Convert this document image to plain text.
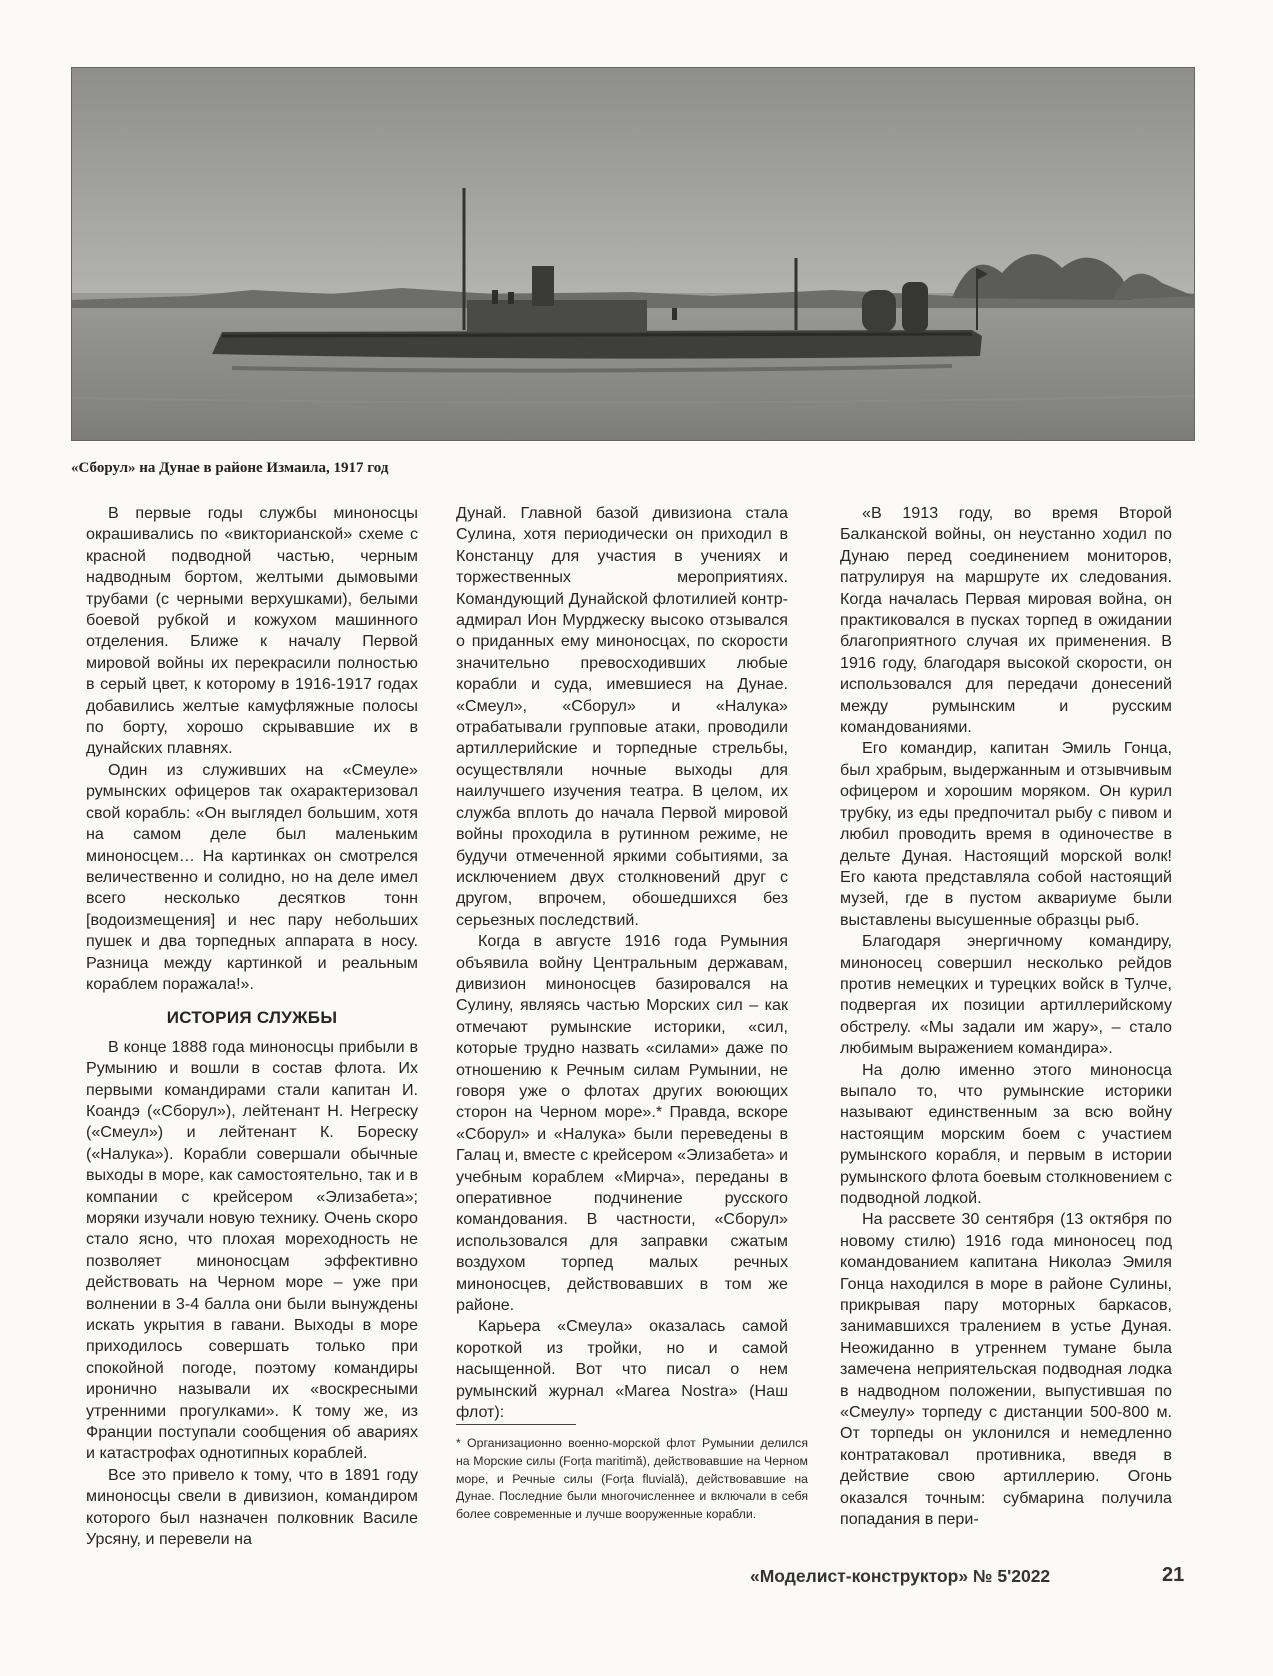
«Сборул» на Дунае в районе Измаила, 1917 год

В первые годы службы миноносцы окрашивались по «викторианской» схеме с красной подводной частью, черным надводным бортом, желтыми дымовыми трубами (с черными верхушками), белыми боевой рубкой и кожухом машинного отделения. Ближе к началу Первой мировой войны их перекрасили полностью в серый цвет, к которому в 1916-1917 годах добавились желтые камуфляжные полосы по борту, хорошо скрывавшие их в дунайских плавнях.

Один из служивших на «Смеуле» румынских офицеров так охарактеризовал свой корабль: «Он выглядел большим, хотя на самом деле был маленьким миноносцем… На картинках он смотрелся величественно и солидно, но на деле имел всего несколько десятков тонн [водоизмещения] и нес пару небольших пушек и два торпедных аппарата в носу. Разница между картинкой и реальным кораблем поражала!».

ИСТОРИЯ СЛУЖБЫ

В конце 1888 года миноносцы прибыли в Румынию и вошли в состав флота. Их первыми командирами стали капитан И. Коандэ («Сборул»), лейтенант Н. Негреску («Смеул») и лейтенант К. Бореску («Налука»). Корабли совершали обычные выходы в море, как самостоятельно, так и в компании с крейсером «Элизабета»; моряки изучали новую технику. Очень скоро стало ясно, что плохая мореходность не позволяет миноносцам эффективно действовать на Черном море – уже при волнении в 3-4 балла они были вынуждены искать укрытия в гавани. Выходы в море приходилось совершать только при спокойной погоде, поэтому командиры иронично называли их «воскресными утренними прогулками». К тому же, из Франции поступали сообщения об авариях и катастрофах однотипных кораблей.

Все это привело к тому, что в 1891 году миноносцы свели в дивизион, командиром которого был назначен полковник Василе Урсяну, и перевели на

Дунай. Главной базой дивизиона стала Сулина, хотя периодически он приходил в Констанцу для участия в учениях и торжественных мероприятиях. Командующий Дунайской флотилией контр-адмирал Ион Мурджеску высоко отзывался о приданных ему миноносцах, по скорости значительно превосходивших любые корабли и суда, имевшиеся на Дунае. «Смеул», «Сборул» и «Налука» отрабатывали групповые атаки, проводили артиллерийские и торпедные стрельбы, осуществляли ночные выходы для наилучшего изучения театра. В целом, их служба вплоть до начала Первой мировой войны проходила в рутинном режиме, не будучи отмеченной яркими событиями, за исключением двух столкновений друг с другом, впрочем, обошедшихся без серьезных последствий.

Когда в августе 1916 года Румыния объявила войну Центральным державам, дивизион миноносцев базировался на Сулину, являясь частью Морских сил – как отмечают румынские историки, «сил, которые трудно назвать «силами» даже по отношению к Речным силам Румынии, не говоря уже о флотах других воюющих сторон на Черном море».* Правда, вскоре «Сборул» и «Налука» были переведены в Галац и, вместе с крейсером «Элизабета» и учебным кораблем «Мирча», переданы в оперативное подчинение русского командования. В частности, «Сборул» использовался для заправки сжатым воздухом торпед малых речных миноносцев, действовавших в том же районе.

Карьера «Смеула» оказалась самой короткой из тройки, но и самой насыщенной. Вот что писал о нем румынский журнал «Marea Nostra» (Наш флот):

* Организационно военно-морской флот Румынии делился на Морские силы (Forța maritimă), действовавшие на Черном море, и Речные силы (Forța fluvială), действовавшие на Дунае. Последние были многочисленнее и включали в себя более современные и лучше вооруженные корабли.

«В 1913 году, во время Второй Балканской войны, он неустанно ходил по Дунаю перед соединением мониторов, патрулируя на маршруте их следования. Когда началась Первая мировая война, он практиковался в пусках торпед в ожидании благоприятного случая их применения. В 1916 году, благодаря высокой скорости, он использовался для передачи донесений между румынским и русским командованиями.

Его командир, капитан Эмиль Гонца, был храбрым, выдержанным и отзывчивым офицером и хорошим моряком. Он курил трубку, из еды предпочитал рыбу с пивом и любил проводить время в одиночестве в дельте Дуная. Настоящий морской волк! Его каюта представляла собой настоящий музей, где в пустом аквариуме были выставлены высушенные образцы рыб.

Благодаря энергичному командиру, миноносец совершил несколько рейдов против немецких и турецких войск в Тулче, подвергая их позиции артиллерийскому обстрелу. «Мы задали им жару», – стало любимым выражением командира».

На долю именно этого миноносца выпало то, что румынские историки называют единственным за всю войну настоящим морским боем с участием румынского корабля, и первым в истории румынского флота боевым столкновением с подводной лодкой.

На рассвете 30 сентября (13 октября по новому стилю) 1916 года миноносец под командованием капитана Николаэ Эмиля Гонца находился в море в районе Сулины, прикрывая пару моторных баркасов, занимавшихся тралением в устье Дуная. Неожиданно в утреннем тумане была замечена неприятельская подводная лодка в надводном положении, выпустившая по «Смеулу» торпеду с дистанции 500-800 м. От торпеды он уклонился и немедленно контратаковал противника, введя в действие свою артиллерию. Огонь оказался точным: субмарина получила попадания в пери-

«Моделист-конструктор» № 5'2022	21
